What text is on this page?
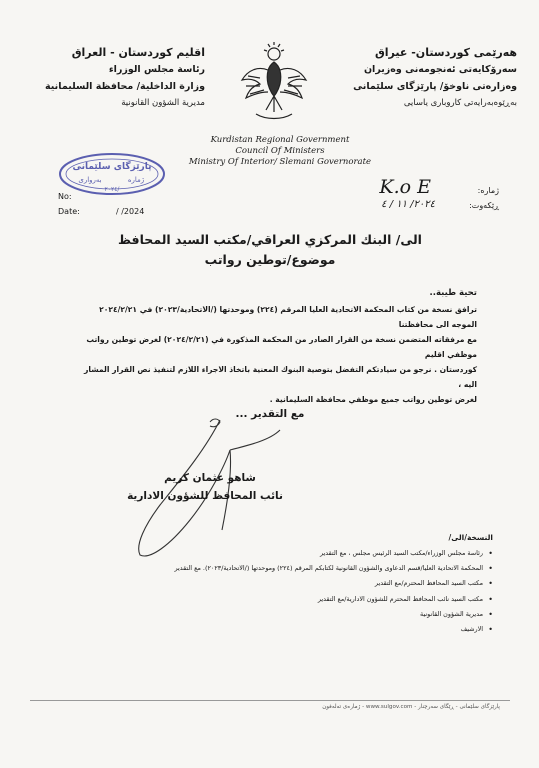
هەرێمی کوردستان- عیراق
سەرۆکایەتی ئەنجومەنی وەزیران
وەزارەتی ناوخۆ/ پارێزگای سلێمانی
بەڕێوەبەرایەتی کاروباری یاسایی
اقليم كوردستان - العراق
رئاسة مجلس الوزراء
وزارة الداخلية/ محافظة السليمانية
مديرية الشؤون القانونية
Kurdistan Regional Government
Council Of Ministers
Ministry Of Interior/ Slemani Governorate
پارێزگای سلێمانی
ژمارە
بەرواری
٢٠٢٤/
No:
Date:	/ /2024
ژمارە:
K.o E
ڕێکەوت:
٢٠٢٤/ ١١ / ٤
الى/ البنك المركزي العراقي/مكتب السيد المحافظ
موضوع/توطين رواتب
تحية طيبة..

ترافق نسخة من كتاب المحكمة الاتحادية العليا المرقم (٢٢٤) وموحدتها (/الاتحادية/٢٠٢٣) في ٢٠٢٤/٢/٢١ الموجه الى محافظتنا

مع مرفقاته المتضمن نسخة من القرار الصادر من المحكمة المذكورة في (٢٠٢٤/٢/٢١) لغرض توطين رواتب موظفي اقليم

كوردستان . نرجو من سيادتكم التفضل بتوصية البنوك المعنية باتخاذ الاجراء اللازم لتنفيذ نص القرار المشار اليه ،

لغرض توطين رواتب جميع موظفي محافظة السليمانية .

مع التقدير ...
شاهو عثمان كريم
نائب المحافظ للشؤون الادارية
النسخة/الى/
• رئاسة مجلس الوزراء/مكتب السيد الرئيس مجلس ، مع التقدير
• المحكمة الاتحادية العليا/قسم الدعاوى والشؤون القانونية لكتابكم المرقم (٢٢٤) وموحدتها (/الاتحادية/٢٠٢٣). مع التقدير
• مكتب السيد المحافظ المحترم/مع التقدير
• مكتب السيد نائب المحافظ المحترم للشؤون الادارية/مع التقدير
• مديرية الشؤون القانونية
• الارشيف
پارێزگای سلێمانی - ڕێگای سەرچنار - www.sulgov.com - ژمارەی تەلەفون
